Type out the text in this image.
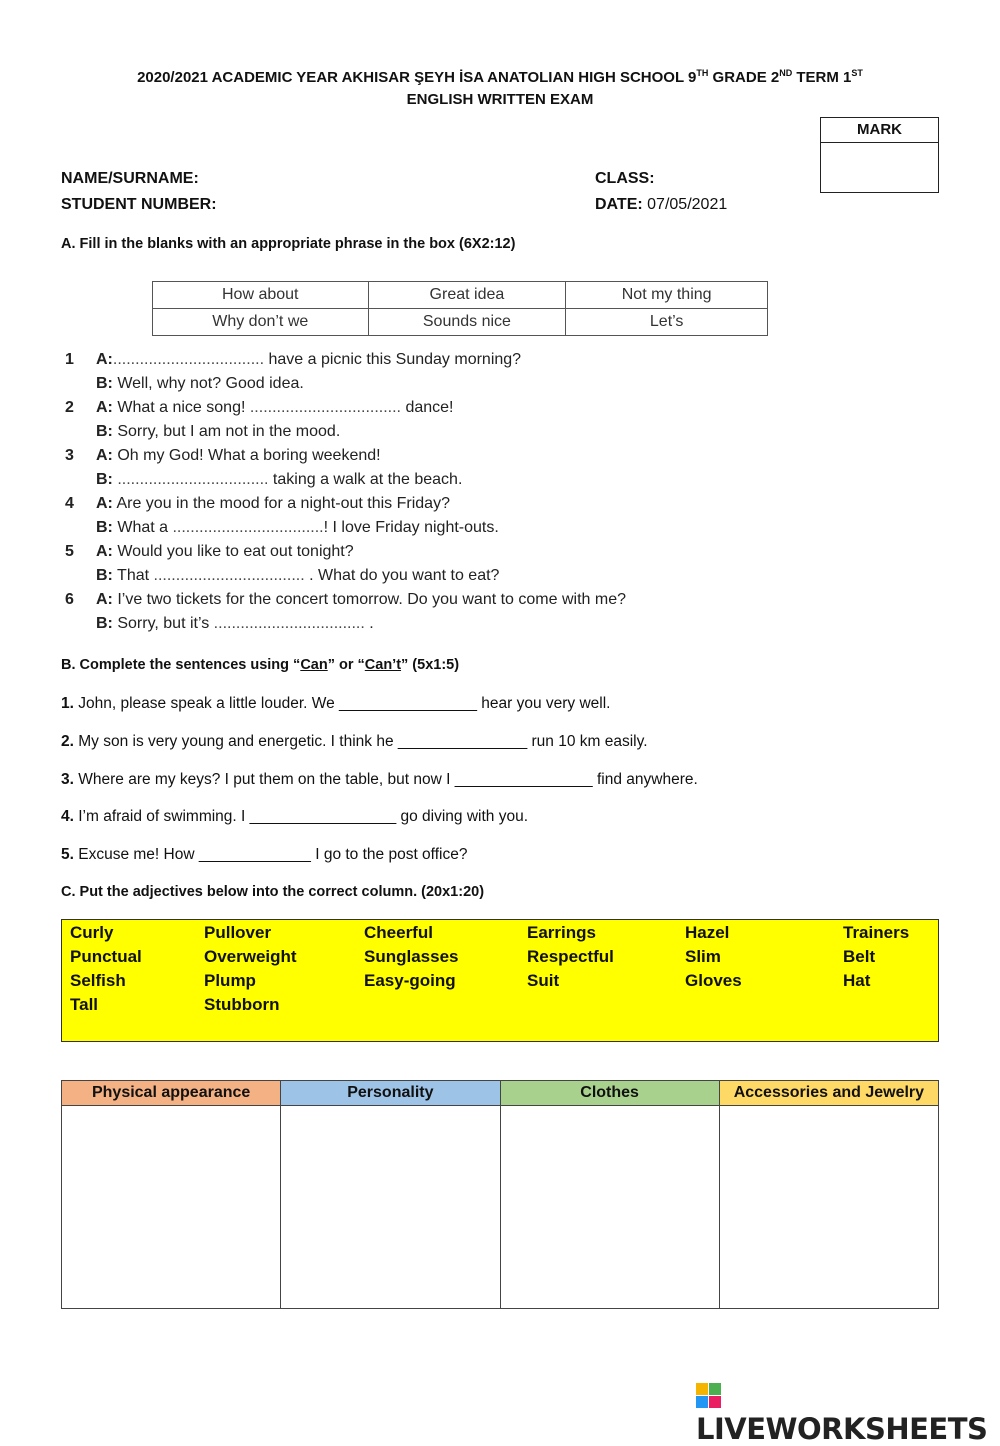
2020/2021 ACADEMIC YEAR AKHISAR ŞEYH İSA ANATOLIAN HIGH SCHOOL 9TH GRADE 2ND TERM 1ST
ENGLISH WRITTEN EXAM
MARK
NAME/SURNAME:	CLASS:
STUDENT NUMBER:	DATE: 07/05/2021
A. Fill in the blanks with an appropriate phrase in the box (6X2:12)
How about	Great idea	Not my thing
Why don’t we	Sounds nice	Let’s
1	A:.................................. have a picnic this Sunday morning?
B: Well, why not? Good idea.
2	A: What a nice song! .................................. dance!
B: Sorry, but I am not in the mood.
3	A: Oh my God! What a boring weekend!
B: .................................. taking a walk at the beach.
4	A: Are you in the mood for a night-out this Friday?
B: What a ..................................! I love Friday night-outs.
5	A: Would you like to eat out tonight?
B: That .................................. . What do you want to eat?
6	A: I’ve two tickets for the concert tomorrow. Do you want to come with me?
B: Sorry, but it’s .................................. .
B. Complete the sentences using “Can” or “Can’t” (5x1:5)
1. John, please speak a little louder. We ________________ hear you very well.
2. My son is very young and energetic. I think he _______________ run 10 km easily.
3. Where are my keys? I put them on the table, but now I ________________ find anywhere.
4. I’m afraid of swimming. I _________________ go diving with you.
5. Excuse me! How _____________ I go to the post office?
C. Put the adjectives below into the correct column. (20x1:20)
Curly	Pullover	Cheerful	Earrings	Hazel	Trainers
Punctual	Overweight	Sunglasses	Respectful	Slim	Belt
Selfish	Plump	Easy-going	Suit	Gloves	Hat
Tall	Stubborn
Physical appearance	Personality	Clothes	Accessories and Jewelry

LIVEWORKSHEETS
